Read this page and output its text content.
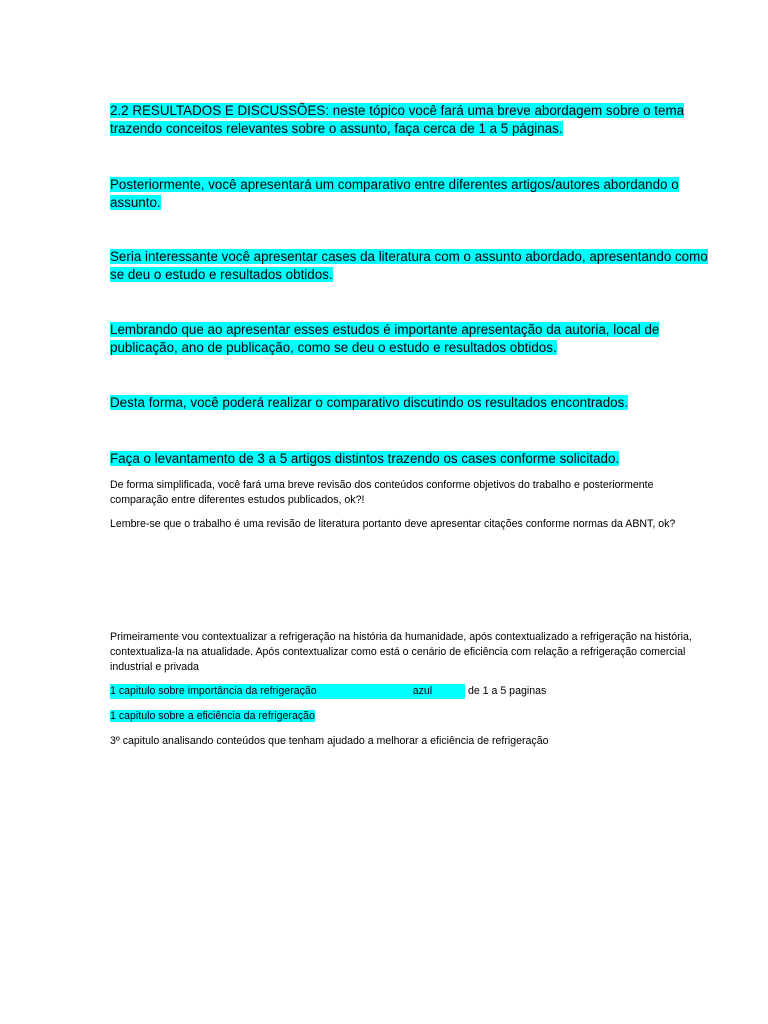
2.2 RESULTADOS E DISCUSSÕES: neste tópico você fará uma breve abordagem sobre o tema trazendo conceitos relevantes sobre o assunto, faça cerca de 1 a 5 páginas.

Posteriormente, você apresentará um comparativo entre diferentes artigos/autores abordando o assunto.

Seria interessante você apresentar cases da literatura com o assunto abordado, apresentando como se deu o estudo e resultados obtidos.

Lembrando que ao apresentar esses estudos é importante apresentação da autoria, local de publicação, ano de publicação, como se deu o estudo e resultados obtidos.

Desta forma, você poderá realizar o comparativo discutindo os resultados encontrados.

Faça o levantamento de 3 a 5 artigos distintos trazendo os cases conforme solicitado.

De forma simplificada, você fará uma breve revisão dos conteúdos conforme objetivos do trabalho e posteriormente comparação entre diferentes estudos publicados, ok?!

Lembre-se que o trabalho é uma revisão de literatura portanto deve apresentar citações conforme normas da ABNT, ok?

Primeiramente vou contextualizar a refrigeração na história da humanidade, após contextualizado a refrigeração na história, contextualiza-la na atualidade. Após contextualizar como está o cenário de eficiência com relação a refrigeração comercial industrial e privada

1 capitulo sobre importância da refrigeração	azul	de 1 a 5 paginas

1 capitulo sobre a eficiência da refrigeração

3º capitulo analisando conteúdos que tenham ajudado a melhorar a eficiência de refrigeração
